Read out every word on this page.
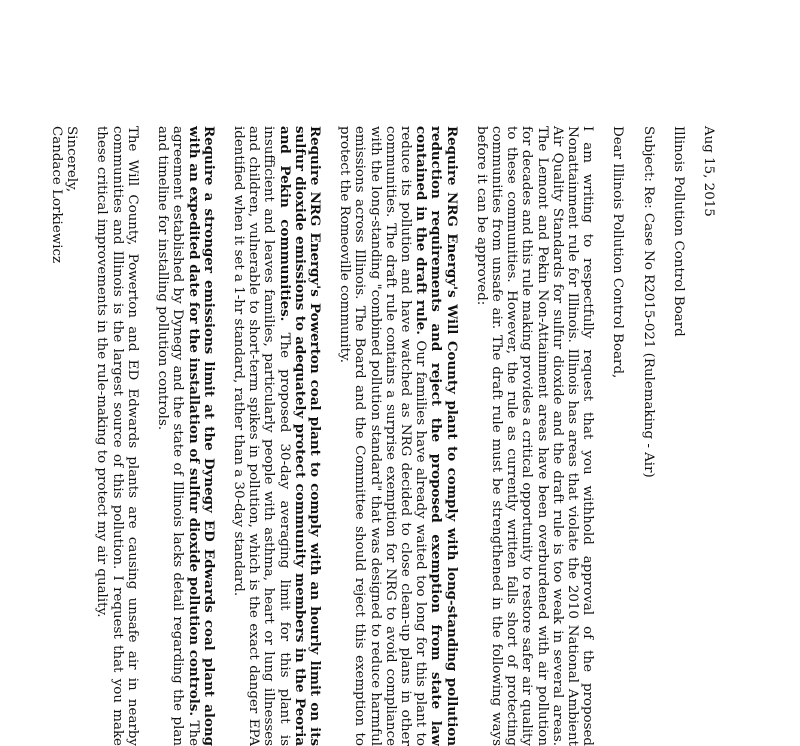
Aug 15, 2015
Illinois Pollution Control Board
Subject: Re: Case No R2015-021 (Rulemaking - Air)
Dear Illinois Pollution Control Board,

I am writing to respectfully request that you withhold approval of the proposed Nonattainment rule for Illinois. Illinois has areas that violate the 2010 National Ambient Air Quality Standards for sulfur dioxide and the draft rule is too weak in several areas. The Lemont and Pekin Non-Attainment areas have been overburdened with air pollution for decades and this rule making provides a critical opportunity to restore safer air quality to these communities. However, the rule as currently written falls short of protecting communities from unsafe air. The draft rule must be strengthened in the following ways before it can be approved:

Require NRG Energy's Will County plant to comply with long-standing pollution reduction requirements and reject the proposed exemption from state law contained in the draft rule. Our families have already waited too long for this plant to reduce its pollution and have watched as NRG decided to close clean-up plans in other communities. The draft rule contains a surprise exemption for NRG to avoid compliance with the long-standing "combined pollution standard" that was designed to reduce harmful emissions across Illinois. The Board and the Committee should reject this exemption to protect the Romeoville community.

Require NRG Energy's Powerton coal plant to comply with an hourly limit on its sulfur dioxide emissions to adequately protect community members in the Peoria and Pekin communities. The proposed 30-day averaging limit for this plant is insufficient and leaves families, particularly people with asthma, heart or lung illnesses and children, vulnerable to short-term spikes in pollution, which is the exact danger EPA identified when it set a 1-hr standard, rather than a 30-day standard.

Require a stronger emissions limit at the Dynegy ED Edwards coal plant along with an expedited date for the installation of sulfur dioxide pollution controls. The agreement established by Dynegy and the state of Illinois lacks detail regarding the plan and timeline for installing pollution controls.

The Will County, Powerton and ED Edwards plants are causing unsafe air in nearby communities and Illinois is the largest source of this pollution. I request that you make these critical improvements in the rule-making to protect my air quality.

Sincerely,
Candace Lorkiewicz
